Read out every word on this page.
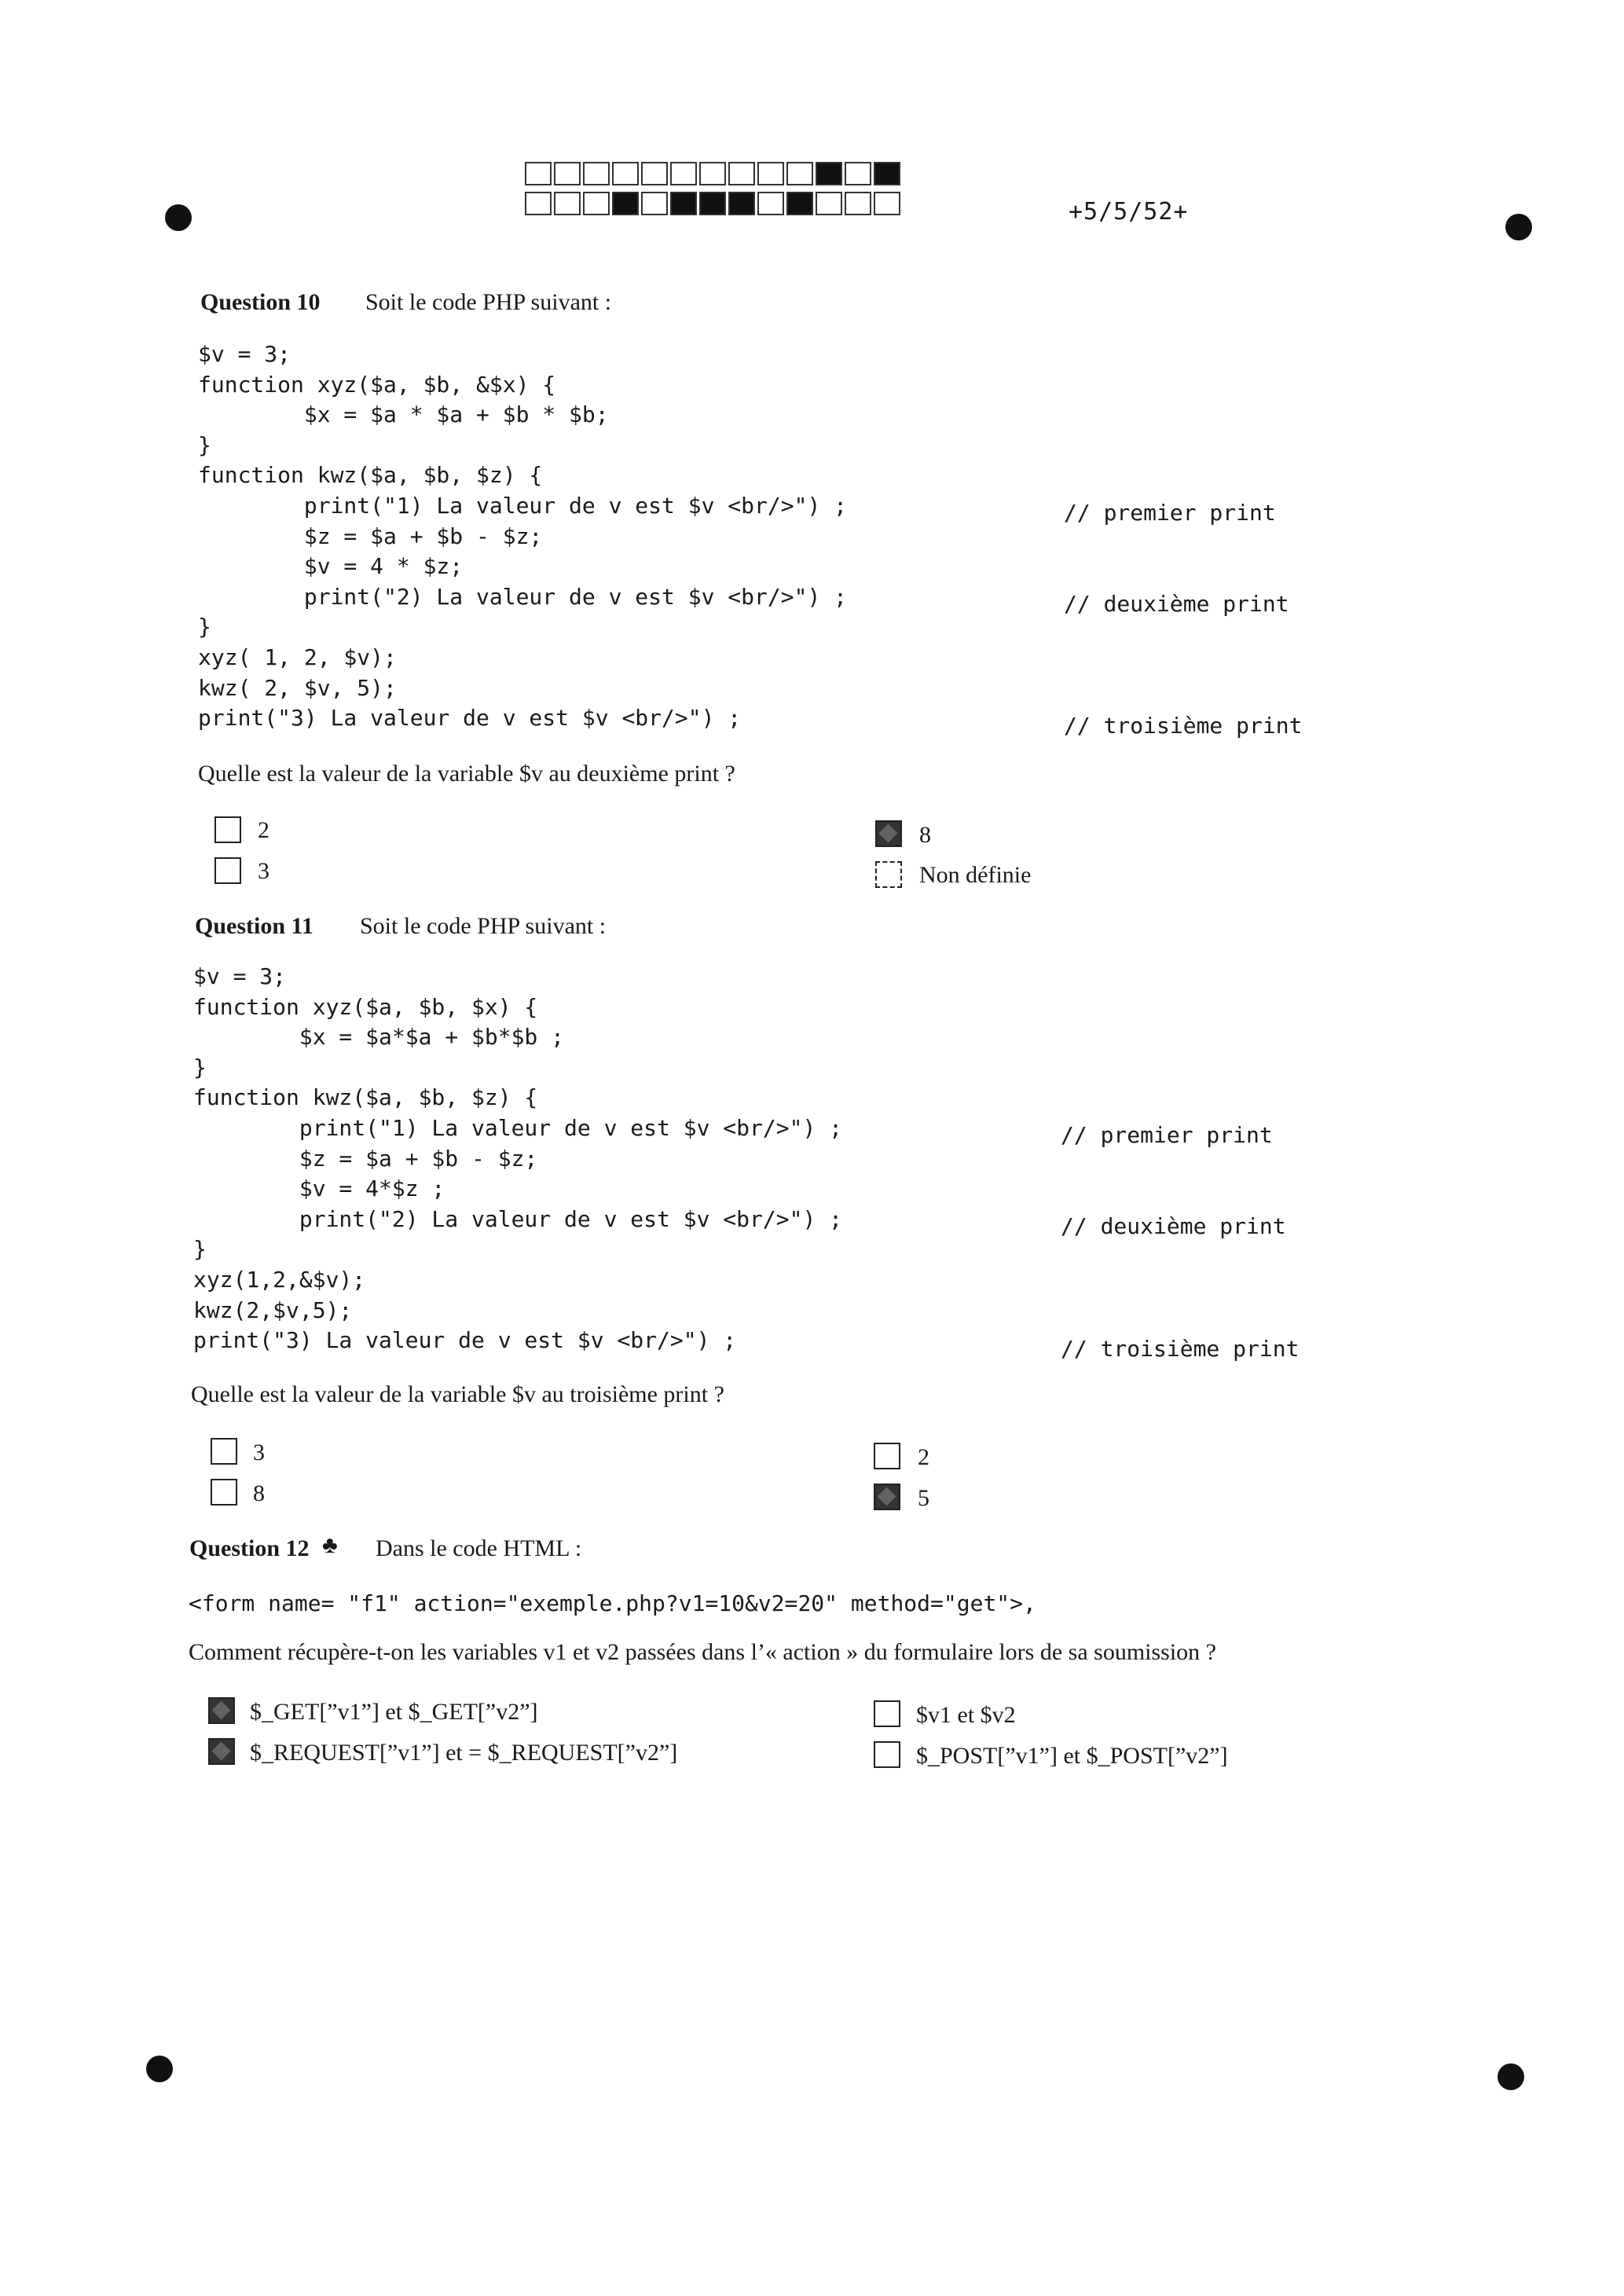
+5/5/52+
Question 10 Soit le code PHP suivant :
$v = 3;
function xyz($a, $b, &$x) {
$x = $a * $a + $b * $b;
}
function kwz($a, $b, $z) {
print("1) La valeur de v est $v <br/>") ;
$z = $a + $b - $z;
$v = 4 * $z;
print("2) La valeur de v est $v <br/>") ;
}
xyz( 1, 2, $v);
kwz( 2, $v, 5);
print("3) La valeur de v est $v <br/>") ;
// premier print
// deuxième print
// troisième print
Quelle est la valeur de la variable $v au deuxième print ?
2
3
8
Non définie
Question 11 Soit le code PHP suivant :
$v = 3;
function xyz($a, $b, $x) {
$x = $a*$a + $b*$b ;
}
function kwz($a, $b, $z) {
print("1) La valeur de v est $v <br/>") ;
$z = $a + $b - $z;
$v = 4*$z ;
print("2) La valeur de v est $v <br/>") ;
}
xyz(1,2,&$v);
kwz(2,$v,5);
print("3) La valeur de v est $v <br/>") ;
// premier print
// deuxième print
// troisième print
Quelle est la valeur de la variable $v au troisième print ?
3
8
2
5
Question 12 ♣ Dans le code HTML :
<form name= "f1" action="exemple.php?v1=10&v2=20" method="get">,
Comment récupère-t-on les variables v1 et v2 passées dans l’« action » du formulaire lors de sa soumission ?
$_GET[”v1”] et $_GET[”v2”]
$_REQUEST[”v1”] et = $_REQUEST[”v2”]
$v1 et $v2
$_POST[”v1”] et $_POST[”v2”]
